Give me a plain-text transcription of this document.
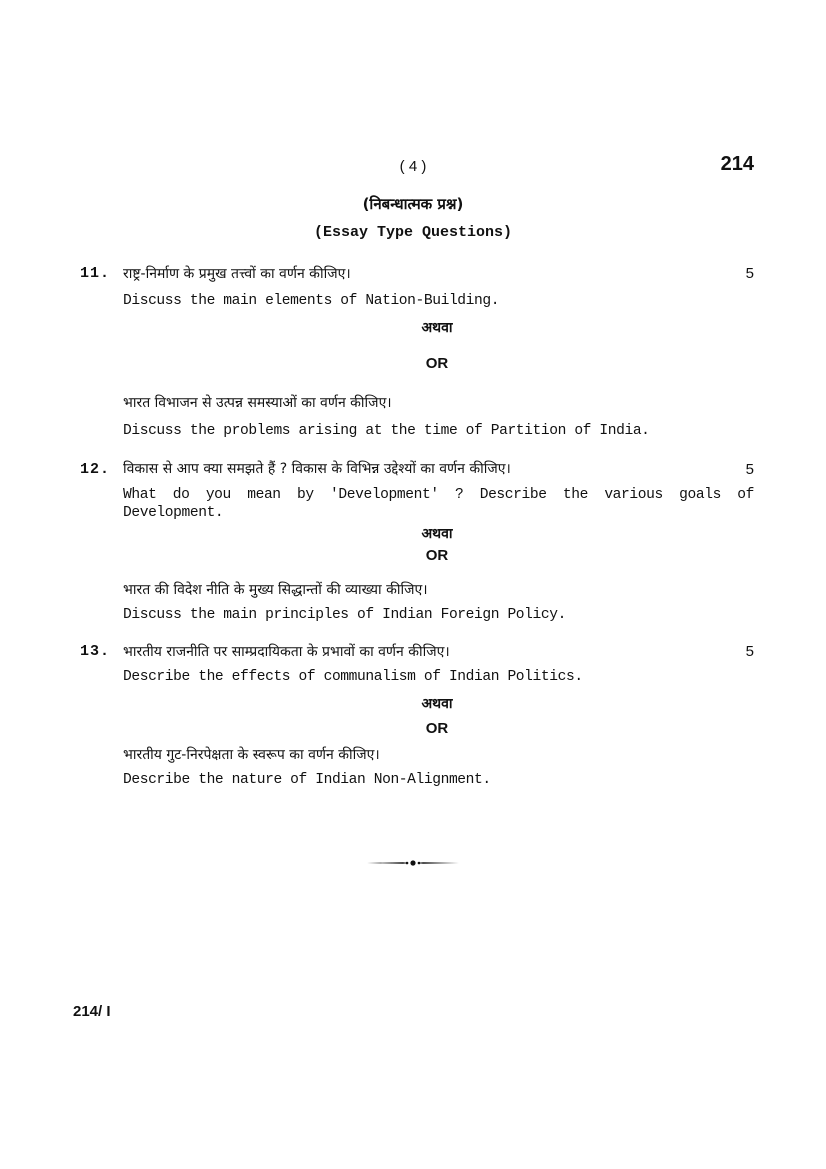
( 4 )	214
(निबन्धात्मक प्रश्न)
(Essay Type Questions)
11. राष्ट्र-निर्माण के प्रमुख तत्त्वों का वर्णन कीजिए।	5
Discuss the main elements of Nation-Building.
अथवा
OR
भारत विभाजन से उत्पन्न समस्याओं का वर्णन कीजिए।
Discuss the problems arising at the time of Partition of India.
12. विकास से आप क्या समझते हैं ? विकास के विभिन्न उद्देश्यों का वर्णन कीजिए।	5
What do you mean by 'Development' ? Describe the various goals of Development.
अथवा
OR
भारत की विदेश नीति के मुख्य सिद्धान्तों की व्याख्या कीजिए।
Discuss the main principles of Indian Foreign Policy.
13. भारतीय राजनीति पर साम्प्रदायिकता के प्रभावों का वर्णन कीजिए।	5
Describe the effects of communalism of Indian Politics.
अथवा
OR
भारतीय गुट-निरपेक्षता के स्वरूप का वर्णन कीजिए।
Describe the nature of Indian Non-Alignment.
214/ I
